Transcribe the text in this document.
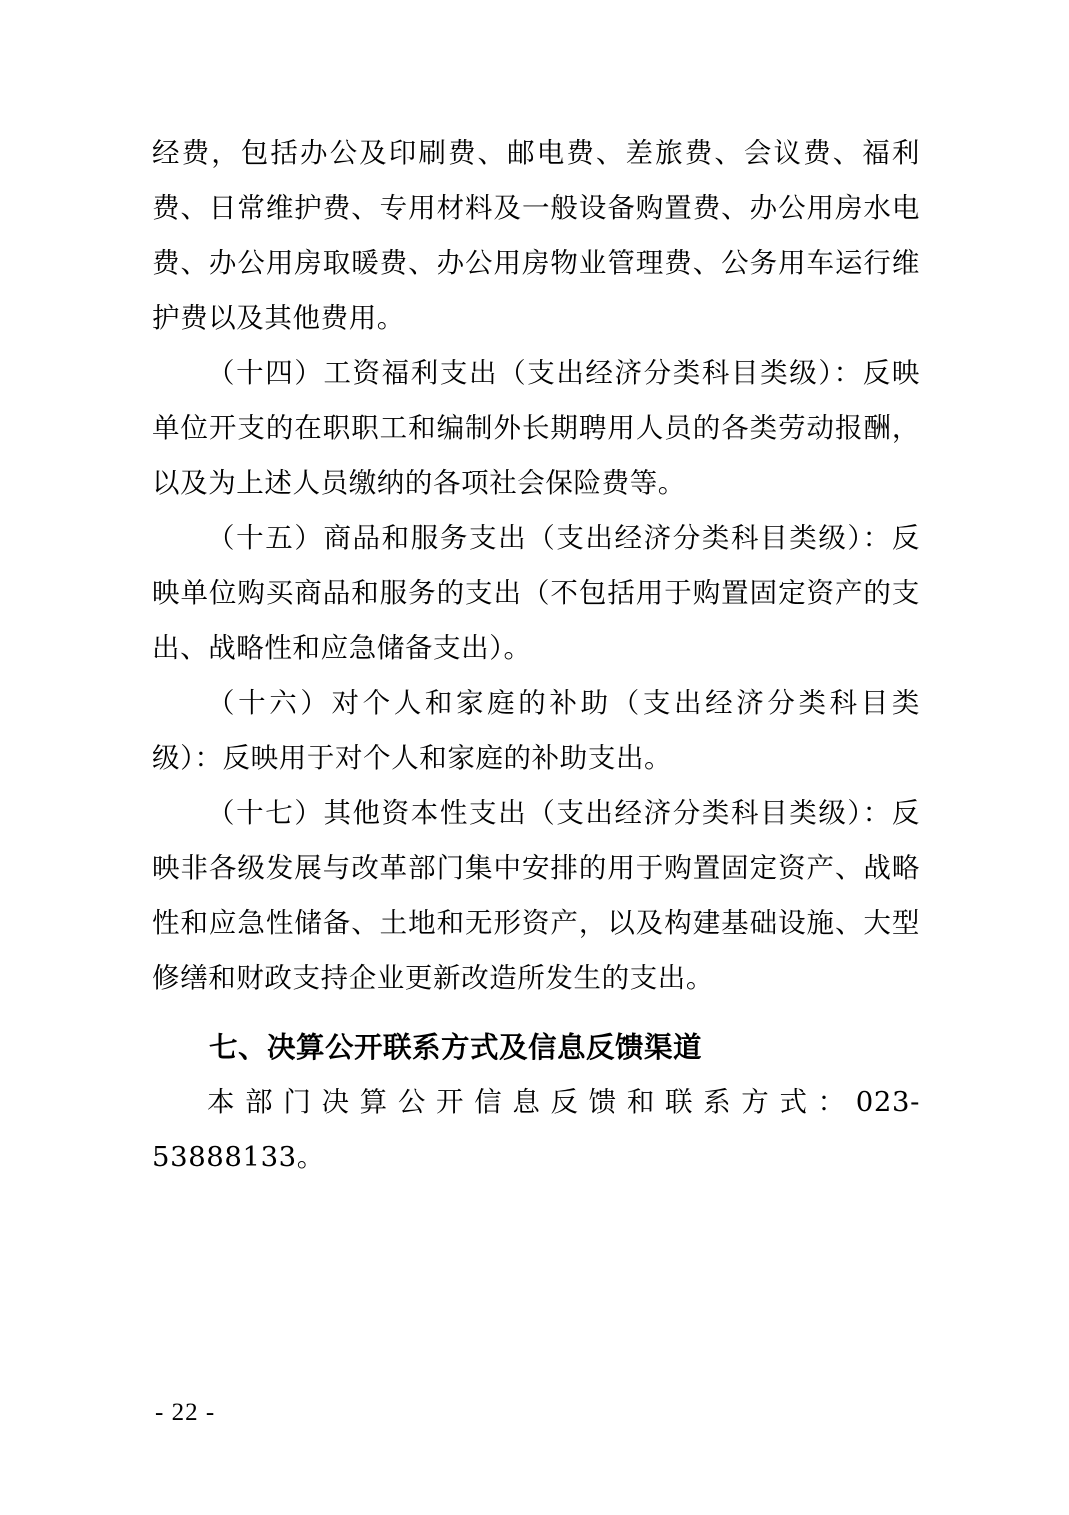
经费，包括办公及印刷费、邮电费、差旅费、会议费、福利费、日常维护费、专用材料及一般设备购置费、办公用房水电费、办公用房取暖费、办公用房物业管理费、公务用车运行维护费以及其他费用。

（十四）工资福利支出（支出经济分类科目类级）：反映单位开支的在职职工和编制外长期聘用人员的各类劳动报酬，以及为上述人员缴纳的各项社会保险费等。

（十五）商品和服务支出（支出经济分类科目类级）：反映单位购买商品和服务的支出（不包括用于购置固定资产的支出、战略性和应急储备支出）。

（十六）对个人和家庭的补助（支出经济分类科目类级）：反映用于对个人和家庭的补助支出。

（十七）其他资本性支出（支出经济分类科目类级）：反映非各级发展与改革部门集中安排的用于购置固定资产、战略性和应急性储备、土地和无形资产，以及构建基础设施、大型修缮和财政支持企业更新改造所发生的支出。

七、决算公开联系方式及信息反馈渠道

本部门决算公开信息反馈和联系方式：023-53888133。

- 22 -
